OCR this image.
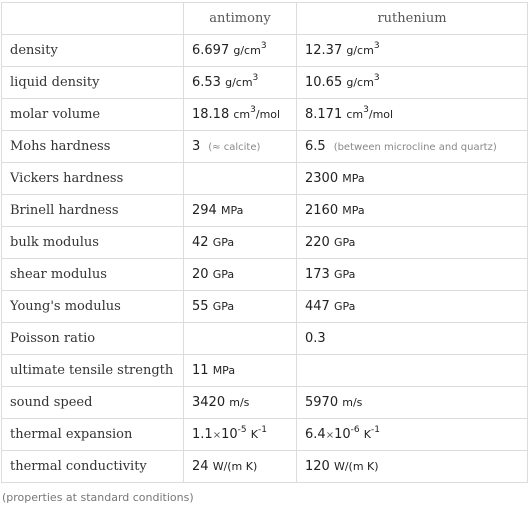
	antimony	ruthenium
density	6.697 $g/cm^3$	12.37 $g/cm^3$
liquid density	6.53 $g/cm^3$	10.65 $g/cm^3$
molar volume	18.18 $cm^3$/mol	8.171 $cm^3$/mol
Mohs hardness	3 (≈ calcite)	6.5 (between microcline and quartz)
Vickers hardness		2300 MPa
Brinell hardness	294 MPa	2160 MPa
bulk modulus	42 GPa	220 GPa
shear modulus	20 GPa	173 GPa
Young's modulus	55 GPa	447 GPa
Poisson ratio		0.3
ultimate tensile strength	11 MPa	
sound speed	3420 m/s	5970 m/s
thermal expansion	$1.1\times 10^{-5}$ $K^{-1}$	$6.4\times 10^{-6}$ $K^{-1}$
thermal conductivity	24 W/(m K)	120 W/(m K)
(properties at standard conditions)
